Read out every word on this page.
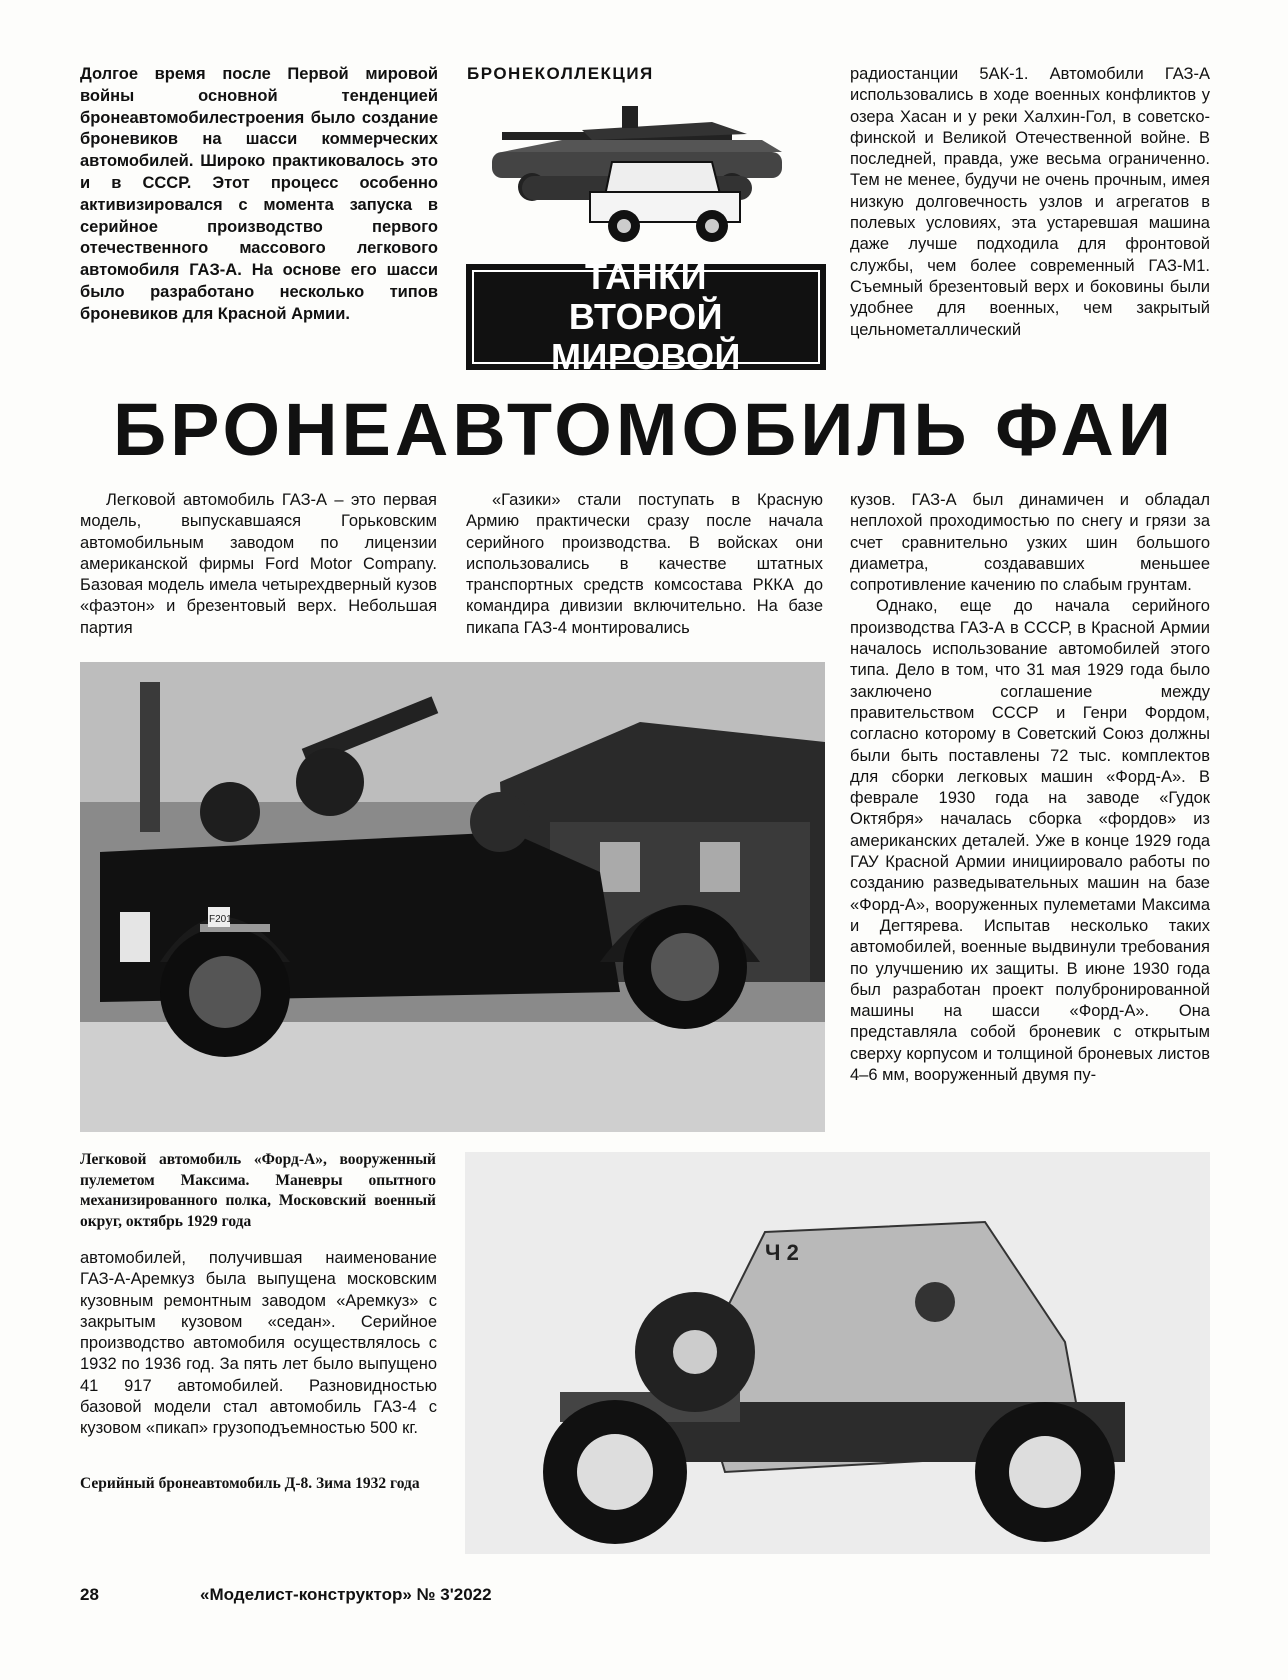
Долгое время после Первой мировой войны основной тенденцией бронеавтомобилестроения было создание броневиков на шасси коммерческих автомобилей. Широко практиковалось это и в СССР. Этот процесс особенно активизировался с момента запуска в серийное производство первого отечественного массового легкового автомобиля ГАЗ-А. На основе его шасси было разработано несколько типов броневиков для Красной Армии.
БРОНЕКОЛЛЕКЦИЯ
ТАНКИ
ВТОРОЙ МИРОВОЙ

радиостанции 5АК-1. Автомобили ГАЗ-А использовались в ходе военных конфликтов у озера Хасан и у реки Халхин-Гол, в советско-финской и Великой Отечественной войне. В последней, правда, уже весьма ограниченно. Тем не менее, будучи не очень прочным, имея низкую долговечность узлов и агрегатов в полевых условиях, эта устаревшая машина даже лучше подходила для фронтовой службы, чем более современный ГАЗ-М1. Съемный брезентовый верх и боковины были удобнее для военных, чем закрытый цельнометаллический

БРОНЕАВТОМОБИЛЬ ФАИ

Легковой автомобиль ГАЗ-А – это первая модель, выпускавшаяся Горьковским автомобильным заводом по лицензии американской фирмы Ford Motor Company. Базовая модель имела четырехдверный кузов «фаэтон» и брезентовый верх. Небольшая партия

«Газики» стали поступать в Красную Армию практически сразу после начала серийного производства. В войсках они использовались в качестве штатных транспортных средств комсостава РККА до командира дивизии включительно. На базе пикапа ГАЗ-4 монтировались

кузов. ГАЗ-А был динамичен и обладал неплохой проходимостью по снегу и грязи за счет сравнительно узких шин большого диаметра, создававших меньшее сопротивление качению по слабым грунтам.

Однако, еще до начала серийного производства ГАЗ-А в СССР, в Красной Армии началось использование автомобилей этого типа. Дело в том, что 31 мая 1929 года было заключено соглашение между правительством СССР и Генри Фордом, согласно которому в Советский Союз должны были быть поставлены 72 тыс. комплектов для сборки легковых машин «Форд-А». В феврале 1930 года на заводе «Гудок Октября» началась сборка «фордов» из американских деталей. Уже в конце 1929 года ГАУ Красной Армии инициировало работы по созданию разведывательных машин на базе «Форд-А», вооруженных пулеметами Максима и Дегтярева. Испытав несколько таких автомобилей, военные выдвинули требования по улучшению их защиты. В июне 1930 года был разработан проект полубронированной машины на шасси «Форд-А». Она представляла собой броневик с открытым сверху корпусом и толщиной броневых листов 4–6 мм, вооруженный двумя пу-

F201
Легковой автомобиль «Форд-А», вооруженный пулеметом Максима. Маневры опытного механизированного полка, Московский военный округ, октябрь 1929 года

автомобилей, получившая наименование ГАЗ-А-Аремкуз была выпущена московским кузовным ремонтным заводом «Аремкуз» с закрытым кузовом «седан». Серийное производство автомобиля осуществлялось с 1932 по 1936 год. За пять лет было выпущено 41 917 автомобилей. Разновидностью базовой модели стал автомобиль ГАЗ-4 с кузовом «пикап» грузоподъемностью 500 кг.

Серийный бронеавтомобиль Д-8. Зима 1932 года
Ч 2
28	«Моделист-конструктор» № 3'2022
